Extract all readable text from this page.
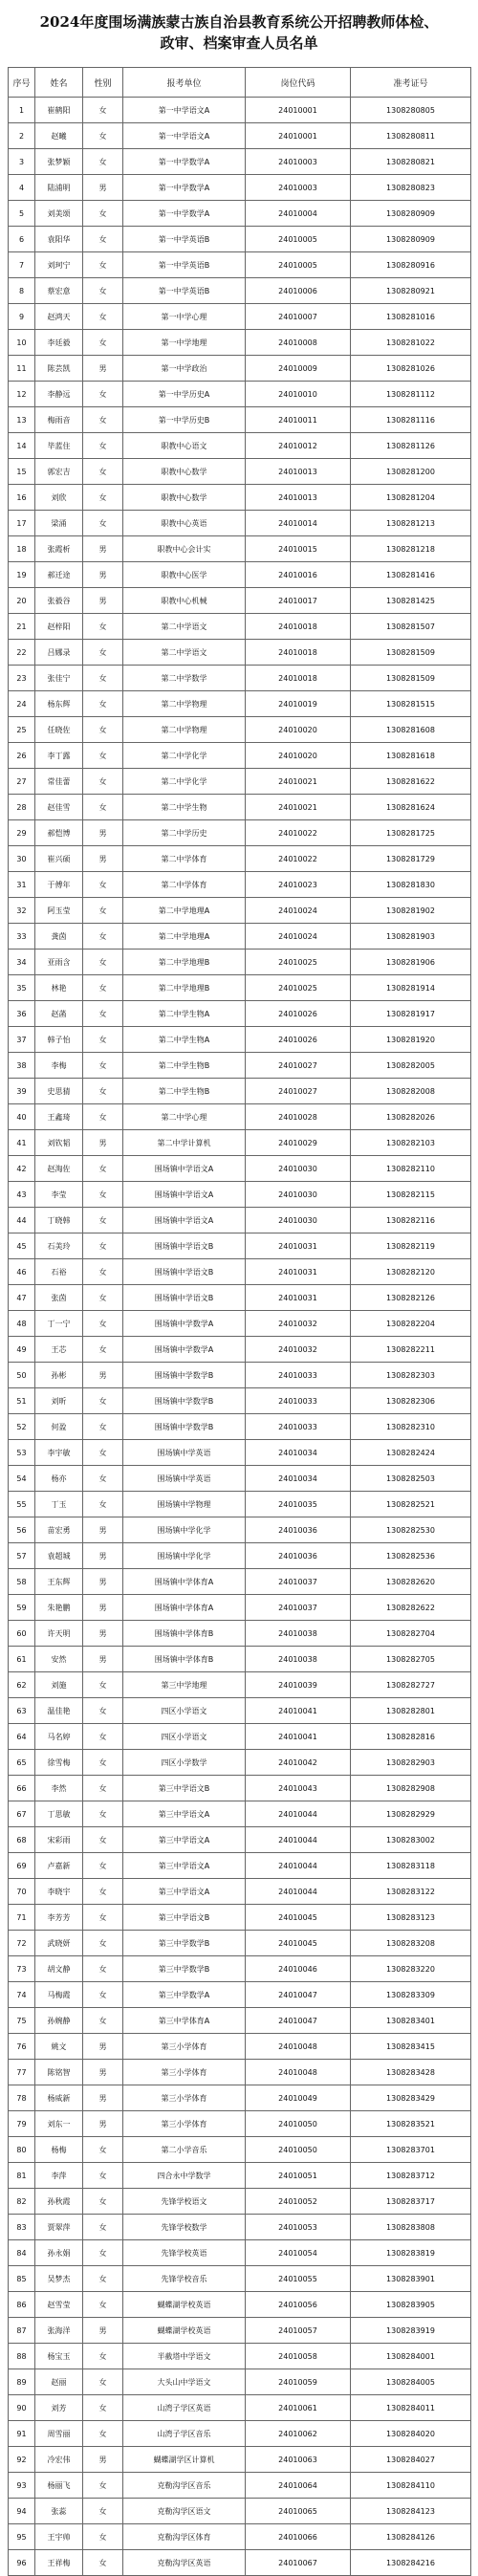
2024年度围场满族蒙古族自治县教育系统公开招聘教师体检、
政审、档案审查人员名单
序号	姓名	性别	报考单位	岗位代码	准考证号
1	崔鹤阳	女	第一中学语文A	24010001	1308280805
2	赵曦	女	第一中学语文A	24010001	1308280811
3	张梦颖	女	第一中学数学A	24010003	1308280821
4	陆浦明	男	第一中学数学A	24010003	1308280823
5	刘美颂	女	第一中学数学A	24010004	1308280909
6	袁阳华	女	第一中学英语B	24010005	1308280909
7	刘珂宁	女	第一中学英语B	24010005	1308280916
8	蔡宏意	女	第一中学英语B	24010006	1308280921
9	赵鸿天	女	第一中学心理	24010007	1308281016
10	李廷毅	女	第一中学地理	24010008	1308281022
11	陈芸凯	男	第一中学政治	24010009	1308281026
12	李静远	女	第一中学历史A	24010010	1308281112
13	梅雨音	女	第一中学历史B	24010011	1308281116
14	毕蓝住	女	职教中心语文	24010012	1308281126
15	郭宏吉	女	职教中心数学	24010013	1308281200
16	刘欣	女	职教中心数学	24010013	1308281204
17	梁涌	女	职教中心英语	24010014	1308281213
18	张霞析	男	职教中心会计实	24010015	1308281218
19	郝迁途	男	职教中心医学	24010016	1308281416
20	张毅谷	男	职教中心机械	24010017	1308281425
21	赵梓阳	女	第二中学语文	24010018	1308281507
22	吕娜录	女	第二中学语文	24010018	1308281509
23	张佳宁	女	第二中学数学	24010018	1308281509
24	杨东辉	女	第二中学物理	24010019	1308281515
25	任晓佐	女	第二中学物理	24010020	1308281608
26	李丁露	女	第二中学化学	24010020	1308281618
27	常佳蕾	女	第二中学化学	24010021	1308281622
28	赵佳雪	女	第二中学生物	24010021	1308281624
29	郝恺博	男	第二中学历史	24010022	1308281725
30	崔兴硕	男	第二中学体育	24010022	1308281729
31	于傅年	女	第二中学体育	24010023	1308281830
32	阿玉莹	女	第二中学地理A	24010024	1308281902
33	龚茵	女	第二中学地理A	24010024	1308281903
34	亚雨含	女	第二中学地理B	24010025	1308281906
35	林艳	女	第二中学地理B	24010025	1308281914
36	赵菡	女	第二中学生物A	24010026	1308281917
37	韩子怡	女	第二中学生物A	24010026	1308281920
38	李梅	女	第二中学生物B	24010027	1308282005
39	史思猜	女	第二中学生物B	24010027	1308282008
40	王鑫琦	女	第二中学心理	24010028	1308282026
41	刘钦韬	男	第二中学计算机	24010029	1308282103
42	赵淘佐	女	围场镇中学语文A	24010030	1308282110
43	李莹	女	围场镇中学语文A	24010030	1308282115
44	丁晓韩	女	围场镇中学语文A	24010030	1308282116
45	石美玲	女	围场镇中学语文B	24010031	1308282119
46	石裕	女	围场镇中学语文B	24010031	1308282120
47	张茵	女	围场镇中学语文B	24010031	1308282126
48	丁一宁	女	围场镇中学数学A	24010032	1308282204
49	王芯	女	围场镇中学数学A	24010032	1308282211
50	孙彬	男	围场镇中学数学B	24010033	1308282303
51	刘昕	女	围场镇中学数学B	24010033	1308282306
52	何盈	女	围场镇中学数学B	24010033	1308282310
53	李宇敏	女	围场镇中学英语	24010034	1308282424
54	杨亦	女	围场镇中学英语	24010034	1308282503
55	丁玉	女	围场镇中学物理	24010035	1308282521
56	苗宏勇	男	围场镇中学化学	24010036	1308282530
57	袁超城	男	围场镇中学化学	24010036	1308282536
58	王东辉	男	围场镇中学体育A	24010037	1308282620
59	朱艳鹏	男	围场镇中学体育A	24010037	1308282622
60	许天明	男	围场镇中学体育B	24010038	1308282704
61	安然	男	围场镇中学体育B	24010038	1308282705
62	刘施	女	第三中学地理	24010039	1308282727
63	温佳艳	女	四区小学语文	24010041	1308282801
64	马名婷	女	四区小学语文	24010041	1308282816
65	徐雪梅	女	四区小学数学	24010042	1308282903
66	李然	女	第三中学语文B	24010043	1308282908
67	丁思敏	女	第三中学语文A	24010044	1308282929
68	宋彩雨	女	第三中学语文A	24010044	1308283002
69	卢嘉新	女	第三中学语文A	24010044	1308283118
70	李晓宇	女	第三中学语文A	24010044	1308283122
71	李芳芳	女	第三中学语文B	24010045	1308283123
72	武晓妍	女	第三中学数学B	24010045	1308283208
73	胡文静	女	第三中学数学B	24010046	1308283220
74	马梅霞	女	第三中学数学A	24010047	1308283309
75	孙婉静	女	第三中学体育A	24010047	1308283401
76	姚文	男	第三小学体育	24010048	1308283415
77	陈铭智	男	第三小学体育	24010048	1308283428
78	杨威新	男	第三小学体育	24010049	1308283429
79	刘东一	男	第三小学体育	24010050	1308283521
80	杨梅	女	第二小学音乐	24010050	1308283701
81	李萍	女	四合永中学数学	24010051	1308283712
82	孙秋霞	女	先锋学校语文	24010052	1308283717
83	贾翠萍	女	先锋学校数学	24010053	1308283808
84	孙永娟	女	先锋学校英语	24010054	1308283819
85	吴梦杰	女	先锋学校音乐	24010055	1308283901
86	赵雪莹	女	蝴蝶湖学校英语	24010056	1308283905
87	张海洋	男	蝴蝶湖学校英语	24010057	1308283919
88	杨宝玉	女	半截塔中学语文	24010058	1308284001
89	赵丽	女	大头山中学语文	24010059	1308284005
90	刘芳	女	山湾子学区英语	24010061	1308284011
91	周雪丽	女	山湾子学区音乐	24010062	1308284020
92	冷宏伟	男	蝴蝶湖学区计算机	24010063	1308284027
93	杨丽飞	女	克勒沟学区音乐	24010064	1308284110
94	张蕊	女	克勒沟学区语文	24010065	1308284123
95	王宇帅	女	克勒沟学区体育	24010066	1308284126
96	王祥梅	女	克勒沟学区英语	24010067	1308284216
